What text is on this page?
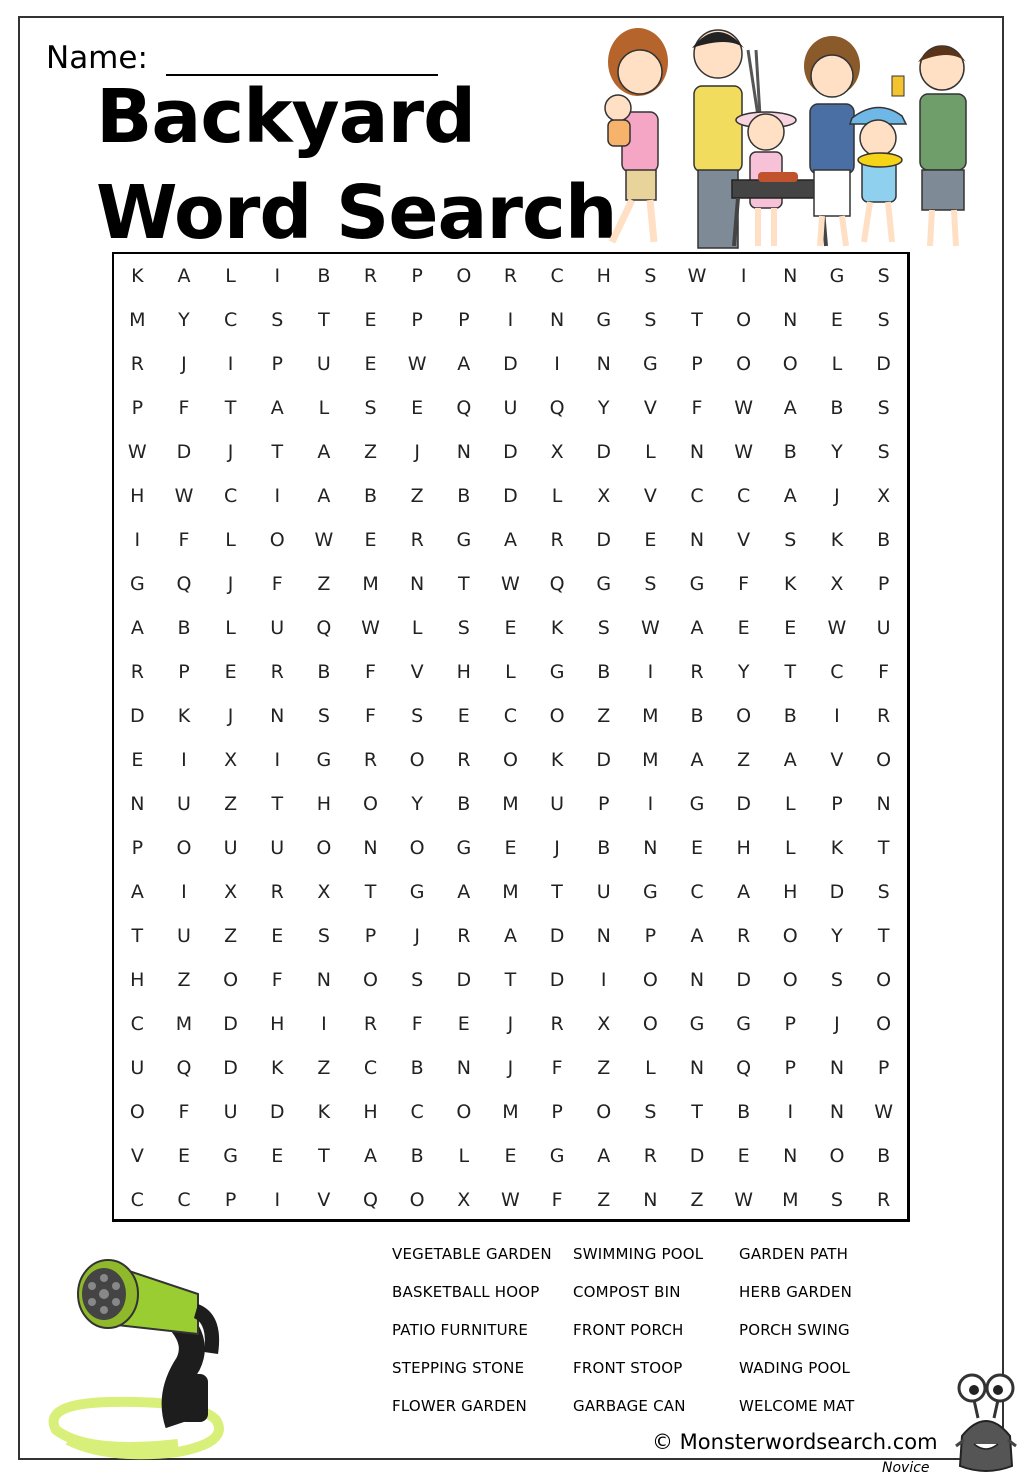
Name:
Backyard
Word Search
K	A	L	I	B	R	P	O	R	C	H	S	W	I	N	G	S
M	Y	C	S	T	E	P	P	I	N	G	S	T	O	N	E	S
R	J	I	P	U	E	W	A	D	I	N	G	P	O	O	L	D
P	F	T	A	L	S	E	Q	U	Q	Y	V	F	W	A	B	S
W	D	J	T	A	Z	J	N	D	X	D	L	N	W	B	Y	S
H	W	C	I	A	B	Z	B	D	L	X	V	C	C	A	J	X
I	F	L	O	W	E	R	G	A	R	D	E	N	V	S	K	B
G	Q	J	F	Z	M	N	T	W	Q	G	S	G	F	K	X	P
A	B	L	U	Q	W	L	S	E	K	S	W	A	E	E	W	U
R	P	E	R	B	F	V	H	L	G	B	I	R	Y	T	C	F
D	K	J	N	S	F	S	E	C	O	Z	M	B	O	B	I	R
E	I	X	I	G	R	O	R	O	K	D	M	A	Z	A	V	O
N	U	Z	T	H	O	Y	B	M	U	P	I	G	D	L	P	N
P	O	U	U	O	N	O	G	E	J	B	N	E	H	L	K	T
A	I	X	R	X	T	G	A	M	T	U	G	C	A	H	D	S
T	U	Z	E	S	P	J	R	A	D	N	P	A	R	O	Y	T
H	Z	O	F	N	O	S	D	T	D	I	O	N	D	O	S	O
C	M	D	H	I	R	F	E	J	R	X	O	G	G	P	J	O
U	Q	D	K	Z	C	B	N	J	F	Z	L	N	Q	P	N	P
O	F	U	D	K	H	C	O	M	P	O	S	T	B	I	N	W
V	E	G	E	T	A	B	L	E	G	A	R	D	E	N	O	B
C	C	P	I	V	Q	O	X	W	F	Z	N	Z	W	M	S	R
VEGETABLE GARDEN
BASKETBALL HOOP
PATIO FURNITURE
STEPPING STONE
FLOWER GARDEN
SWIMMING POOL
COMPOST BIN
FRONT PORCH
FRONT STOOP
GARBAGE CAN
GARDEN PATH
HERB GARDEN
PORCH SWING
WADING POOL
WELCOME MAT
© Monsterwordsearch.com
Novice
